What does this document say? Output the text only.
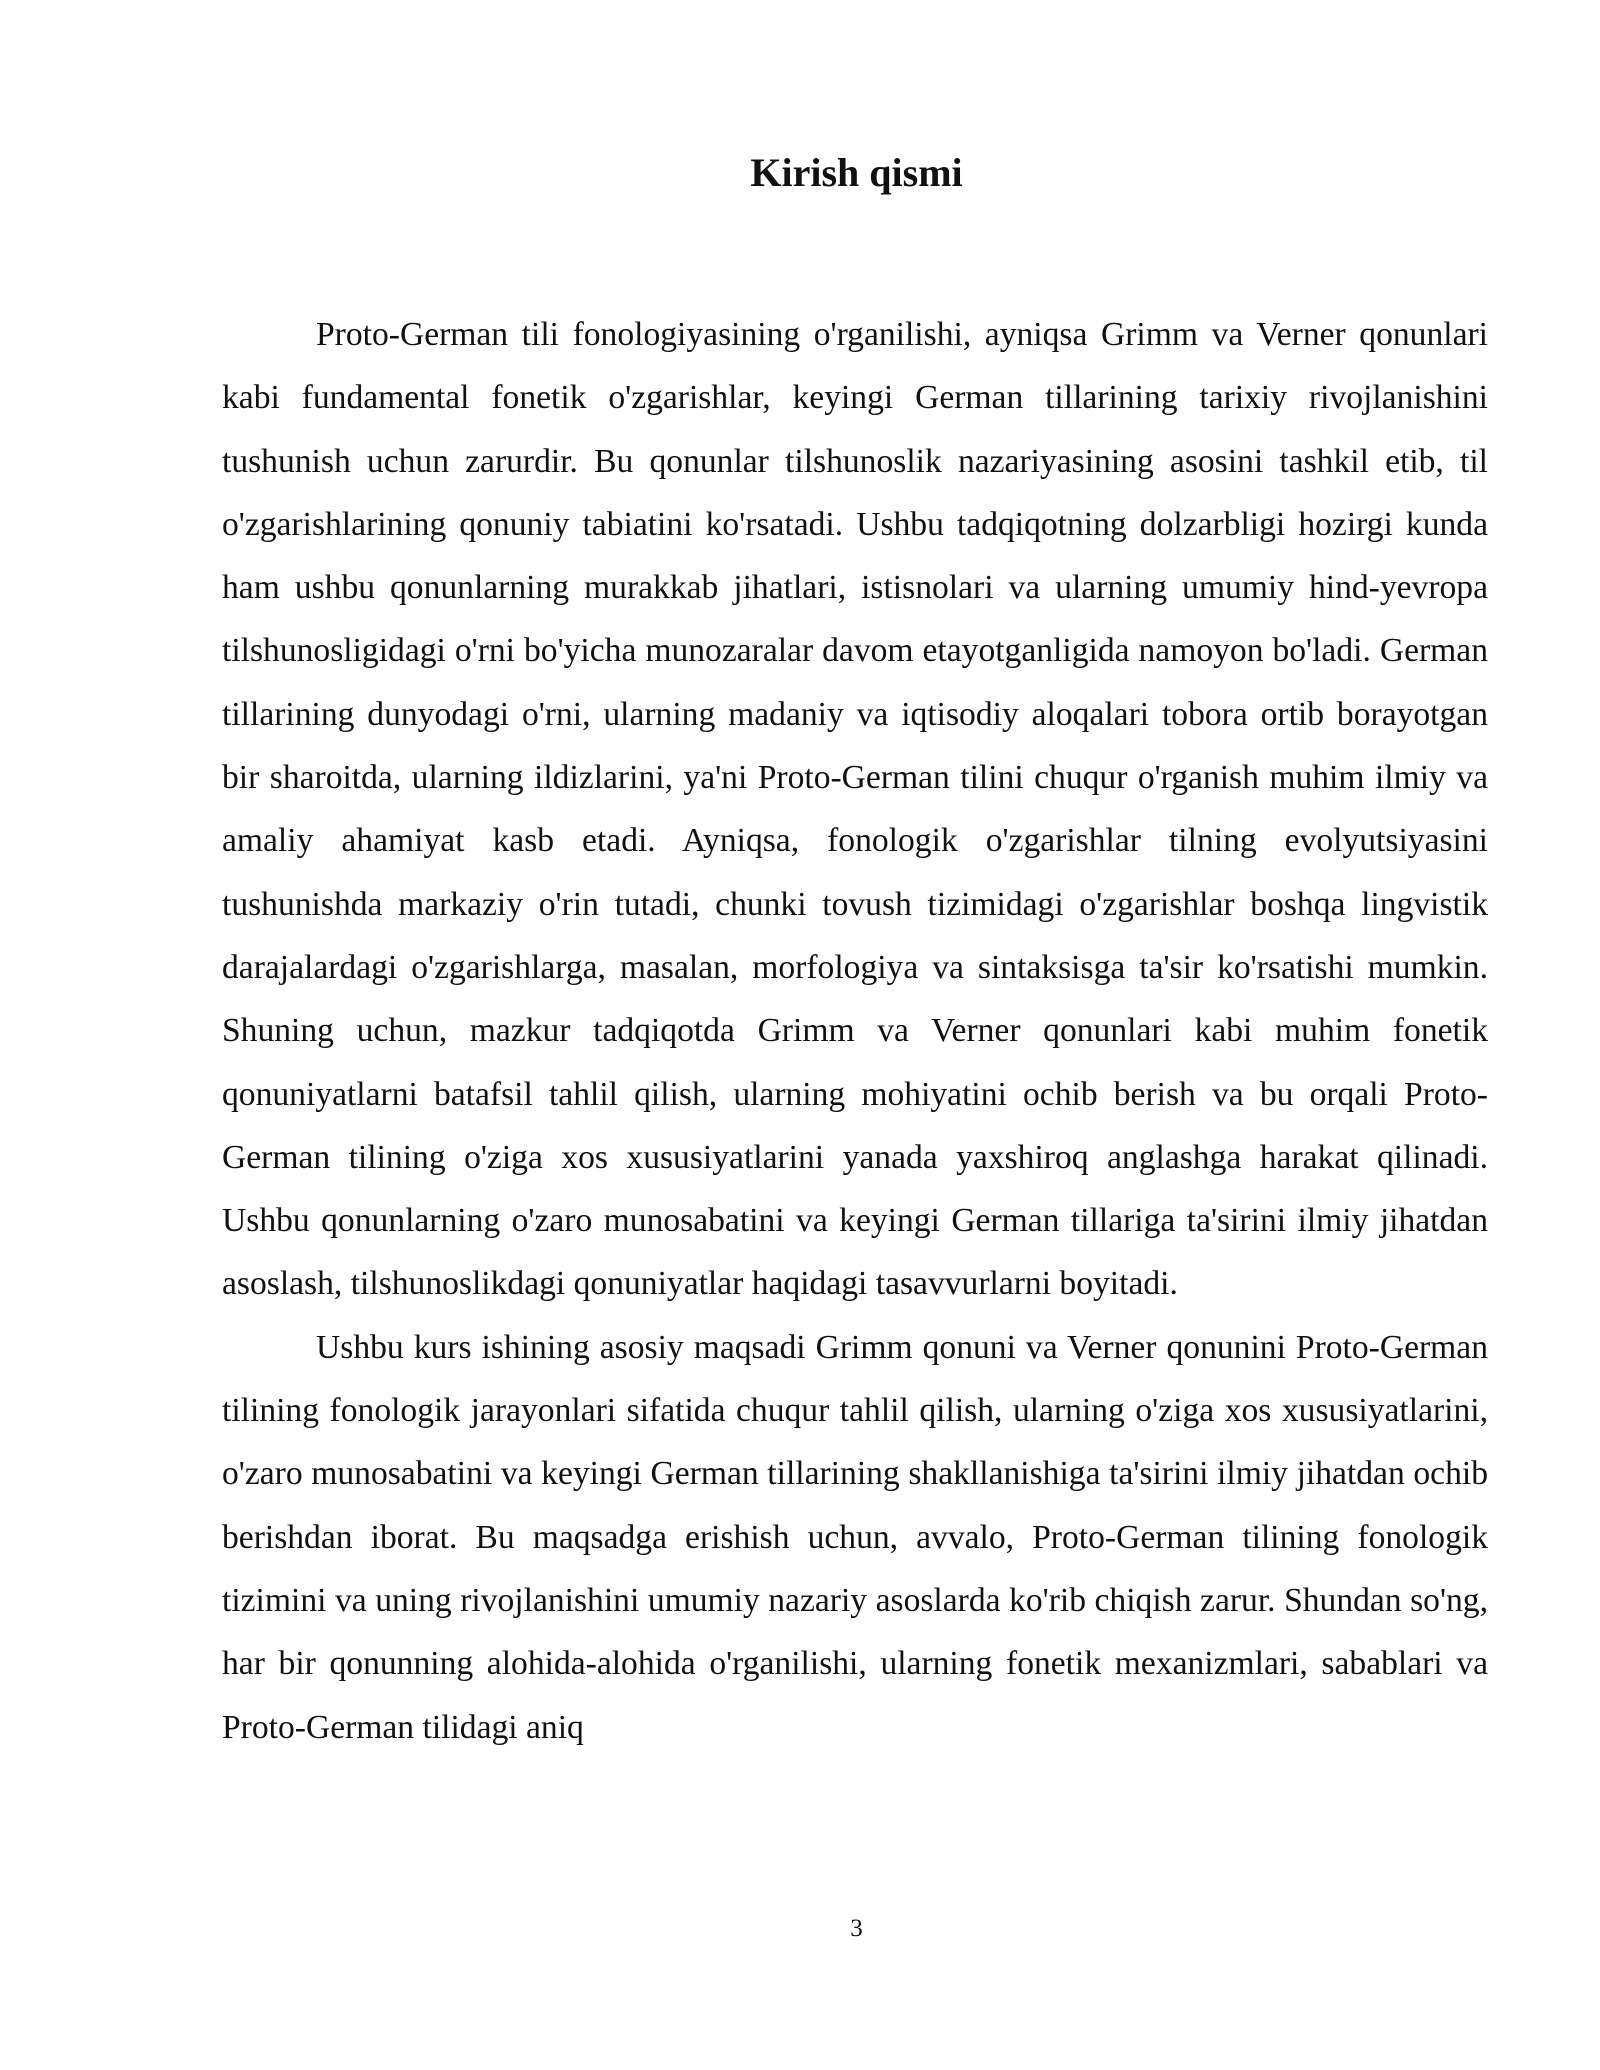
Kirish qismi

Proto-German tili fonologiyasining o'rganilishi, ayniqsa Grimm va Verner qonunlari kabi fundamental fonetik o'zgarishlar, keyingi German tillarining tarixiy rivojlanishini tushunish uchun zarurdir. Bu qonunlar tilshunoslik nazariyasining asosini tashkil etib, til o'zgarishlarining qonuniy tabiatini ko'rsatadi. Ushbu tadqiqotning dolzarbligi hozirgi kunda ham ushbu qonunlarning murakkab jihatlari, istisnolari va ularning umumiy hind-yevropa tilshunosligidagi o'rni bo'yicha munozaralar davom etayotganligida namoyon bo'ladi. German tillarining dunyodagi o'rni, ularning madaniy va iqtisodiy aloqalari tobora ortib borayotgan bir sharoitda, ularning ildizlarini, ya'ni Proto-German tilini chuqur o'rganish muhim ilmiy va amaliy ahamiyat kasb etadi. Ayniqsa, fonologik o'zgarishlar tilning evolyutsiyasini tushunishda markaziy o'rin tutadi, chunki tovush tizimidagi o'zgarishlar boshqa lingvistik darajalardagi o'zgarishlarga, masalan, morfologiya va sintaksisga ta'sir ko'rsatishi mumkin. Shuning uchun, mazkur tadqiqotda Grimm va Verner qonunlari kabi muhim fonetik qonuniyatlarni batafsil tahlil qilish, ularning mohiyatini ochib berish va bu orqali Proto-German tilining o'ziga xos xususiyatlarini yanada yaxshiroq anglashga harakat qilinadi. Ushbu qonunlarning o'zaro munosabatini va keyingi German tillariga ta'sirini ilmiy jihatdan asoslash, tilshunoslikdagi qonuniyatlar haqidagi tasavvurlarni boyitadi.

Ushbu kurs ishining asosiy maqsadi Grimm qonuni va Verner qonunini Proto-German tilining fonologik jarayonlari sifatida chuqur tahlil qilish, ularning o'ziga xos xususiyatlarini, o'zaro munosabatini va keyingi German tillarining shakllanishiga ta'sirini ilmiy jihatdan ochib berishdan iborat. Bu maqsadga erishish uchun, avvalo, Proto-German tilining fonologik tizimini va uning rivojlanishini umumiy nazariy asoslarda ko'rib chiqish zarur. Shundan so'ng, har bir qonunning alohida-alohida o'rganilishi, ularning fonetik mexanizmlari, sabablari va Proto-German tilidagi aniq

3
